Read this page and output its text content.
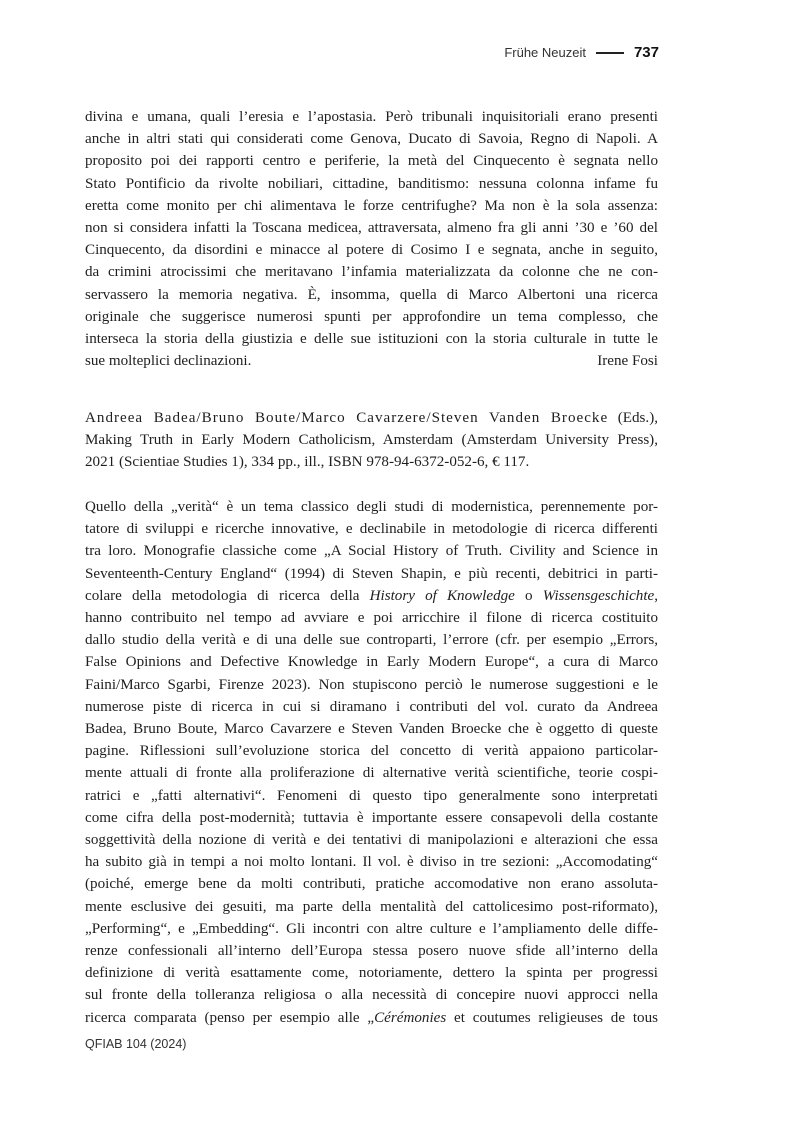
Frühe Neuzeit	737
divina e umana, quali l’eresia e l’apostasia. Però tribunali inquisitoriali erano presenti
anche in altri stati qui considerati come Genova, Ducato di Savoia, Regno di Napoli. A
proposito poi dei rapporti centro e periferie, la metà del Cinquecento è segnata nello
Stato Pontificio da rivolte nobiliari, cittadine, banditismo: nessuna colonna infame fu
eretta come monito per chi alimentava le forze centrifughe? Ma non è la sola assenza:
non si considera infatti la Toscana medicea, attraversata, almeno fra gli anni ’30 e ’60 del
Cinquecento, da disordini e minacce al potere di Cosimo I e segnata, anche in seguito,
da crimini atrocissimi che meritavano l’infamia materializzata da colonne che ne con-
servassero la memoria negativa. È, insomma, quella di Marco Albertoni una ricerca
originale che suggerisce numerosi spunti per approfondire un tema complesso, che
interseca la storia della giustizia e delle sue istituzioni con la storia culturale in tutte le
sue molteplici declinazioni.	Irene Fosi
Andreea Badea/Bruno Boute/Marco Cavarzere/Steven Vanden Broecke (Eds.),
Making Truth in Early Modern Catholicism, Amsterdam (Amsterdam University Press),
2021 (Scientiae Studies 1), 334 pp., ill., ISBN 978-94-6372-052-6, € 117.
Quello della „verità“ è un tema classico degli studi di modernistica, perennemente por-
tatore di sviluppi e ricerche innovative, e declinabile in metodologie di ricerca differenti
tra loro. Monografie classiche come „A Social History of Truth. Civility and Science in
Seventeenth-Century England“ (1994) di Steven Shapin, e più recenti, debitrici in parti-
colare della metodologia di ricerca della History of Knowledge o Wissensgeschichte,
hanno contribuito nel tempo ad avviare e poi arricchire il filone di ricerca costituito
dallo studio della verità e di una delle sue controparti, l’errore (cfr. per esempio „Errors,
False Opinions and Defective Knowledge in Early Modern Europe“, a cura di Marco
Faini/Marco Sgarbi, Firenze 2023). Non stupiscono perciò le numerose suggestioni e le
numerose piste di ricerca in cui si diramano i contributi del vol. curato da Andreea
Badea, Bruno Boute, Marco Cavarzere e Steven Vanden Broecke che è oggetto di queste
pagine. Riflessioni sull’evoluzione storica del concetto di verità appaiono particolar-
mente attuali di fronte alla proliferazione di alternative verità scientifiche, teorie cospi-
ratrici e „fatti alternativi“. Fenomeni di questo tipo generalmente sono interpretati
come cifra della post-modernità; tuttavia è importante essere consapevoli della costante
soggettività della nozione di verità e dei tentativi di manipolazioni e alterazioni che essa
ha subito già in tempi a noi molto lontani. Il vol. è diviso in tre sezioni: „Accomodating“
(poiché, emerge bene da molti contributi, pratiche accomodative non erano assoluta-
mente esclusive dei gesuiti, ma parte della mentalità del cattolicesimo post-riformato),
„Performing“, e „Embedding“. Gli incontri con altre culture e l’ampliamento delle diffe-
renze confessionali all’interno dell’Europa stessa posero nuove sfide all’interno della
definizione di verità esattamente come, notoriamente, dettero la spinta per progressi
sul fronte della tolleranza religiosa o alla necessità di concepire nuovi approcci nella
ricerca comparata (penso per esempio alle „Cérémonies et coutumes religieuses de tous
QFIAB 104 (2024)
